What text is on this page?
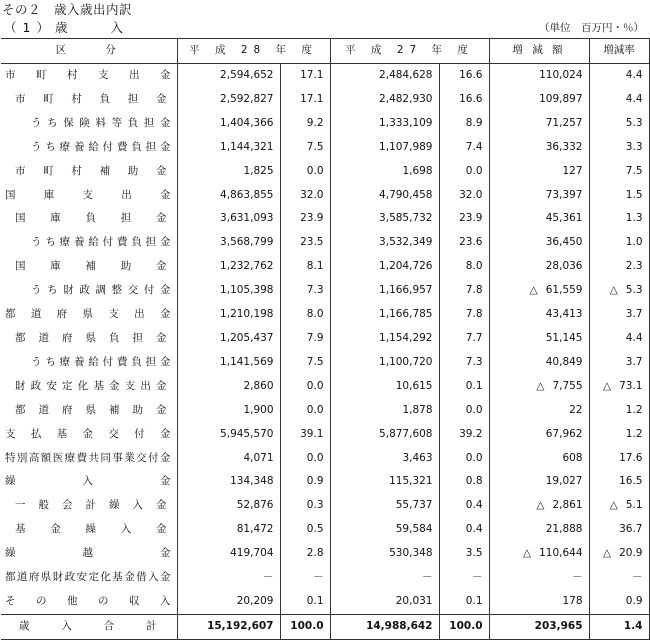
その２　歳入歳出内訳
（1）歳　　入	（単位　百万円・％）
区　　分	平 成 28 年 度		平 成 27 年 度		増 減 額	増減率

市町村支出金	2,594,652	17.1	2,484,628	16.6	110,024	4.4

市町村負担金	2,592,827	17.1	2,482,930	16.6	109,897	4.4

うち保険料等負担金	1,404,366	9.2	1,333,109	8.9	71,257	5.3

うち療養給付費負担金	1,144,321	7.5	1,107,989	7.4	36,332	3.3

市町村補助金	1,825	0.0	1,698	0.0	127	7.5

国庫支出金	4,863,855	32.0	4,790,458	32.0	73,397	1.5

国庫負担金	3,631,093	23.9	3,585,732	23.9	45,361	1.3

うち療養給付費負担金	3,568,799	23.5	3,532,349	23.6	36,450	1.0

国庫補助金	1,232,762	8.1	1,204,726	8.0	28,036	2.3

うち財政調整交付金	1,105,398	7.3	1,166,957	7.8	△ 61,559	△ 5.3

都道府県支出金	1,210,198	8.0	1,166,785	7.8	43,413	3.7

都道府県負担金	1,205,437	7.9	1,154,292	7.7	51,145	4.4

うち療養給付費負担金	1,141,569	7.5	1,100,720	7.3	40,849	3.7

財政安定化基金支出金	2,860	0.0	10,615	0.1	△ 7,755	△ 73.1

都道府県補助金	1,900	0.0	1,878	0.0	22	1.2

支払基金交付金	5,945,570	39.1	5,877,608	39.2	67,962	1.2

特別高額医療費共同事業交付金	4,071	0.0	3,463	0.0	608	17.6

繰入金	134,348	0.9	115,321	0.8	19,027	16.5

一般会計繰入金	52,876	0.3	55,737	0.4	△ 2,861	△ 5.1

基金繰入金	81,472	0.5	59,584	0.4	21,888	36.7

繰越金	419,704	2.8	530,348	3.5	△ 110,644	△ 20.9

都道府県財政安定化基金借入金	－	－	－	－	－	－

その他の収入	20,209	0.1	20,031	0.1	178	0.9

歳入合計	15,192,607	100.0	14,988,642	100.0	203,965	1.4
